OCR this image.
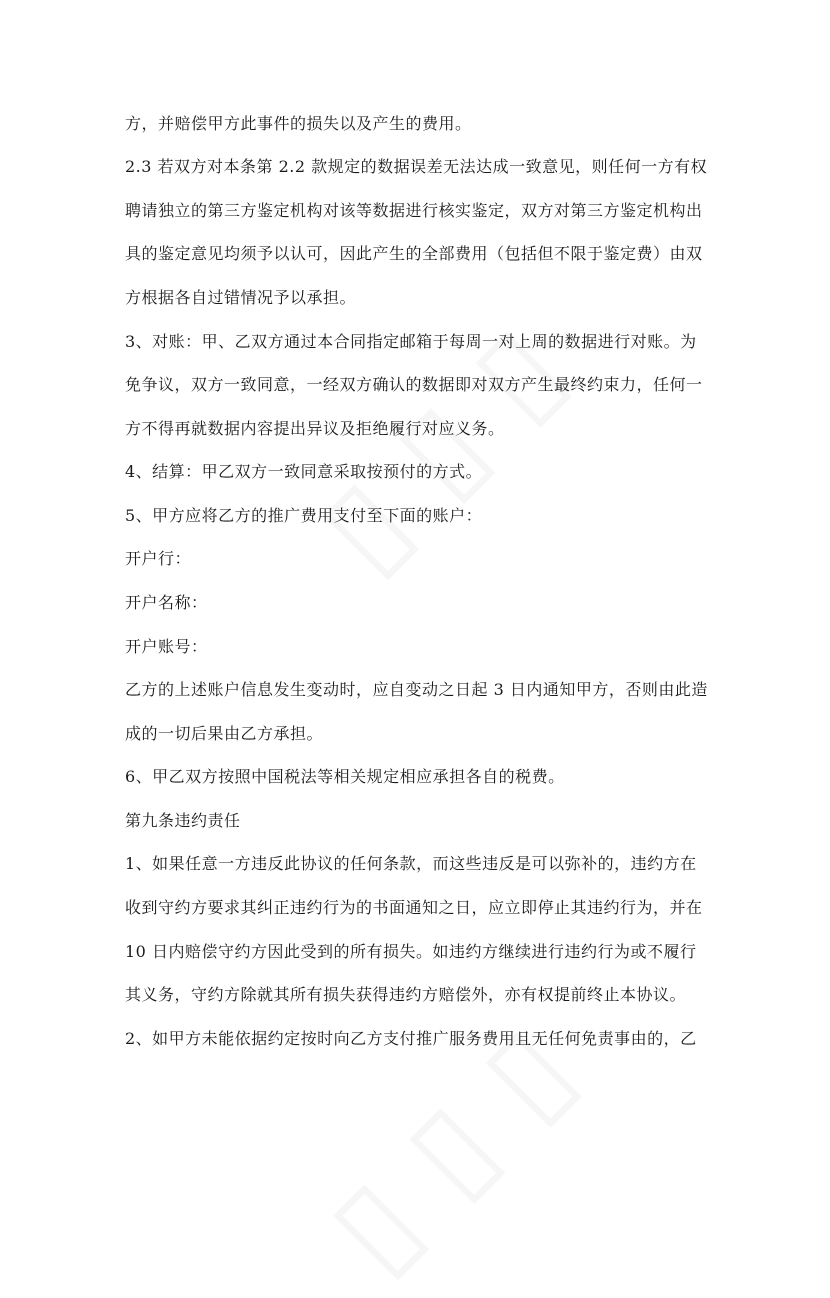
方，并赔偿甲方此事件的损失以及产生的费用。
2.3 若双方对本条第 2.2 款规定的数据误差无法达成一致意见，则任何一方有权
聘请独立的第三方鉴定机构对该等数据进行核实鉴定，双方对第三方鉴定机构出
具的鉴定意见均须予以认可，因此产生的全部费用（包括但不限于鉴定费）由双
方根据各自过错情况予以承担。
3、对账：甲、乙双方通过本合同指定邮箱于每周一对上周的数据进行对账。为
免争议，双方一致同意，一经双方确认的数据即对双方产生最终约束力，任何一
方不得再就数据内容提出异议及拒绝履行对应义务。
4、结算：甲乙双方一致同意采取按预付的方式。
5、甲方应将乙方的推广费用支付至下面的账户：
开户行：
开户名称：
开户账号：
乙方的上述账户信息发生变动时，应自变动之日起 3 日内通知甲方，否则由此造
成的一切后果由乙方承担。
6、甲乙双方按照中国税法等相关规定相应承担各自的税费。
第九条违约责任
1、如果任意一方违反此协议的任何条款，而这些违反是可以弥补的，违约方在
收到守约方要求其纠正违约行为的书面通知之日，应立即停止其违约行为，并在
10 日内赔偿守约方因此受到的所有损失。如违约方继续进行违约行为或不履行
其义务，守约方除就其所有损失获得违约方赔偿外，亦有权提前终止本协议。
2、如甲方未能依据约定按时向乙方支付推广服务费用且无任何免责事由的，乙
